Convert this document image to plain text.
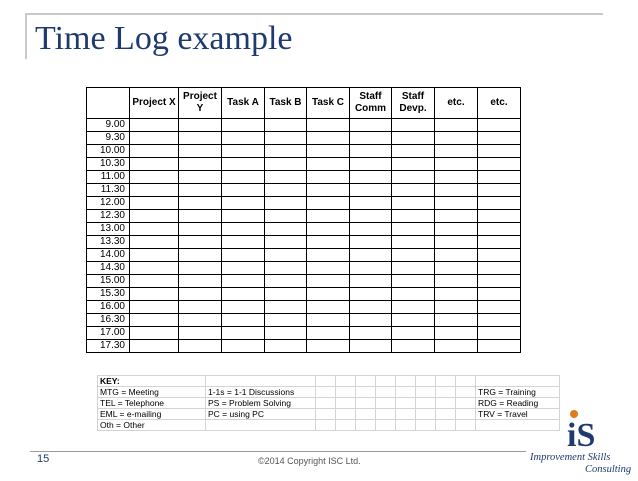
Time Log example
	Project X	Project Y	Task A	Task B	Task C	Staff Comm	Staff Devp.	etc.	etc.
9.00									
9.30									
10.00									
10.30									
11.00									
11.30									
12.00									
12.30									
13.00									
13.30									
14.00									
14.30									
15.00									
15.30									
16.00									
16.30									
17.00									
17.30									
KEY:										
MTG = Meeting	1-1s = 1-1 Discussions									TRG = Training
TEL = Telephone	PS = Problem Solving									RDG = Reading
EML = e-mailing	PC = using PC									TRV = Travel
Oth = Other										
15	©2014 Copyright ISC Ltd.
iS
Improvement Skills
Consulting
